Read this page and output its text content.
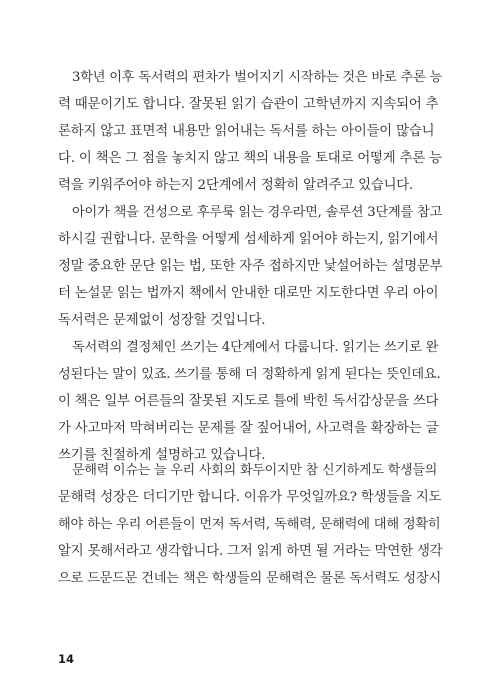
3학년 이후 독서력의 편차가 벌어지기 시작하는 것은 바로 추론 능
력 때문이기도 합니다. 잘못된 읽기 습관이 고학년까지 지속되어 추
론하지 않고 표면적 내용만 읽어내는 독서를 하는 아이들이 많습니
다. 이 책은 그 점을 놓치지 않고 책의 내용을 토대로 어떻게 추론 능
력을 키워주어야 하는지 2단계에서 정확히 알려주고 있습니다.
아이가 책을 건성으로 후루룩 읽는 경우라면, 솔루션 3단계를 참고
하시길 권합니다. 문학을 어떻게 섬세하게 읽어야 하는지, 읽기에서
정말 중요한 문단 읽는 법, 또한 자주 접하지만 낯설어하는 설명문부
터 논설문 읽는 법까지 책에서 안내한 대로만 지도한다면 우리 아이
독서력은 문제없이 성장할 것입니다.
독서력의 결정체인 쓰기는 4단계에서 다룹니다. 읽기는 쓰기로 완
성된다는 말이 있죠. 쓰기를 통해 더 정확하게 읽게 된다는 뜻인데요.
이 책은 일부 어른들의 잘못된 지도로 틀에 박힌 독서감상문을 쓰다
가 사고마저 막혀버리는 문제를 잘 짚어내어, 사고력을 확장하는 글
쓰기를 친절하게 설명하고 있습니다.
문해력 이슈는 늘 우리 사회의 화두이지만 참 신기하게도 학생들의
문해력 성장은 더디기만 합니다. 이유가 무엇일까요? 학생들을 지도
해야 하는 우리 어른들이 먼저 독서력, 독해력, 문해력에 대해 정확히
알지 못해서라고 생각합니다. 그저 읽게 하면 될 거라는 막연한 생각
으로 드문드문 건네는 책은 학생들의 문해력은 물론 독서력도 성장시
14
